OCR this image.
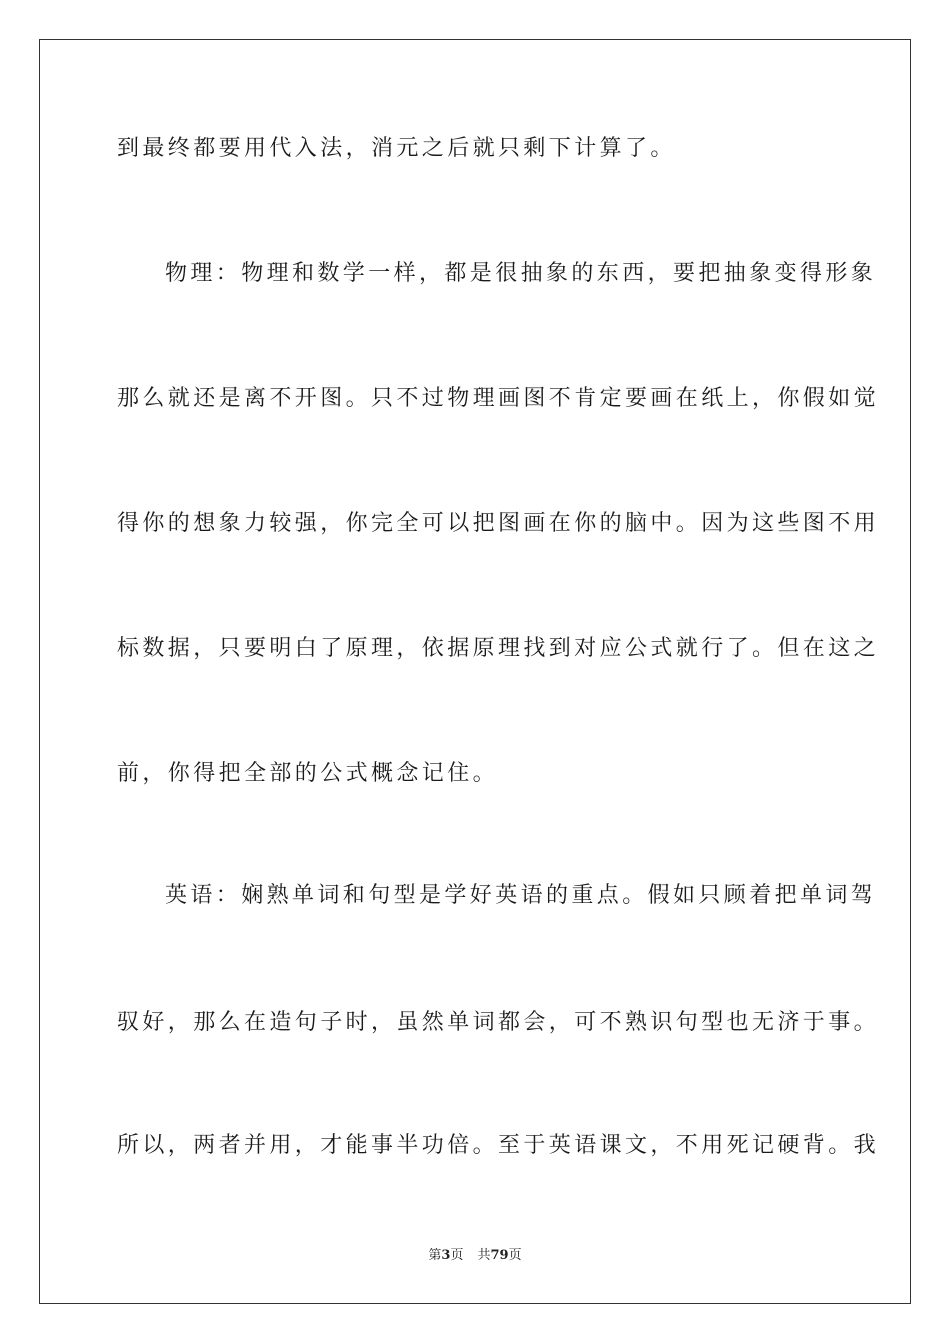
到最终都要用代入法，消元之后就只剩下计算了。
物理：物理和数学一样，都是很抽象的东西，要把抽象变得形象
那么就还是离不开图。只不过物理画图不肯定要画在纸上，你假如觉
得你的想象力较强，你完全可以把图画在你的脑中。因为这些图不用
标数据，只要明白了原理，依据原理找到对应公式就行了。但在这之
前，你得把全部的公式概念记住。
英语：娴熟单词和句型是学好英语的重点。假如只顾着把单词驾
驭好，那么在造句子时，虽然单词都会，可不熟识句型也无济于事。
所以，两者并用，才能事半功倍。至于英语课文，不用死记硬背。我
第3页 共79页
